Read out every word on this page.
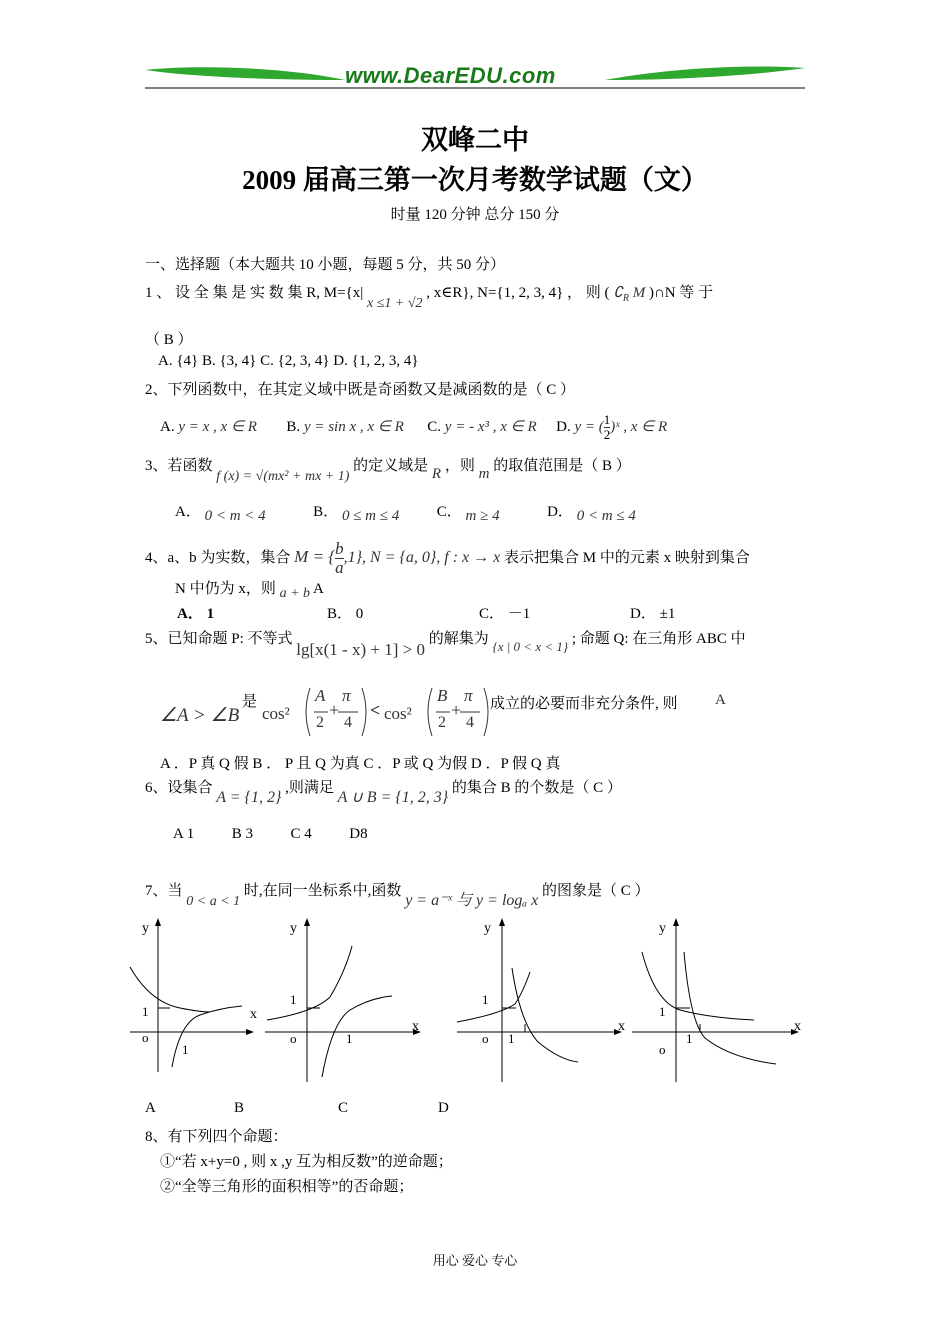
www.DearEDU.com
双峰二中
2009 届高三第一次月考数学试题（文）
时量 120 分钟 总分 150 分
一、选择题（本大题共 10 小题，每题 5 分，共 50 分）
1 、 设 全 集 是 实 数 集 R, M={x| x ≤1 + √2 , x∈R}, N={1, 2, 3, 4} ， 则 ( $∁_R$ M )∩N 等 于
（ B ）
A. {4} B. {3, 4} C. {2, 3, 4} D. {1, 2, 3, 4}
2、下列函数中，在其定义域中既是奇函数又是减函数的是（ C ）
A. y = x , x ∈ R B. y = sin x , x ∈ R C. y = - x³ , x ∈ R D. y = ( $\frac{1}{2}$ )ˣ , x ∈ R
3、若函数 f (x) = √(mx² + mx + 1) 的定义域是 R ，则 m 的取值范围是（ B ）
A． 0 < m < 4	B． 0 ≤ m ≤ 4	C． m ≥ 4	D． 0 < m ≤ 4
4、a、b 为实数，集合 M = { $\frac{b}{a} ,1$}, N = {a, 0}, f : x → x 表示把集合 M 中的元素 x 映射到集合
N 中仍为 x，则 a + b A
A． 1	B． 0	C． －1	D． ±1
5、已知命题 P: 不等式 lg[x(1 - x) + 1] > 0 的解集为 {x | 0 < x < 1} ; 命题 Q: 在三角形 ABC 中
∠A > ∠B
是
cos²
A
2
+
π
4
< cos²
B
2
+
π
4
成立的必要而非充分条件, 则 A
A ．P 真 Q 假 B ． P 且 Q 为真 C ．P 或 Q 为假 D ．P 假 Q 真
6、设集合 A = {1, 2} ,则满足 A ∪ B = {1, 2, 3} 的集合 B 的个数是（ C ）
A 1          B 3          C 4          D8
7、当 0 < a < 1 时,在同一坐标系中,函数 y = a⁻ˣ 与 y = logₐ x 的图象是（ C ）
y
x
1
o
1
y
x
1
o	1
y
x
1
o 1
y
x
1
o
1
A	B	C	D
8、有下列四个命题：
①“若 x+y=0 , 则 x ,y 互为相反数”的逆命题；
②“全等三角形的面积相等”的否命题；
用心 爱心 专心
